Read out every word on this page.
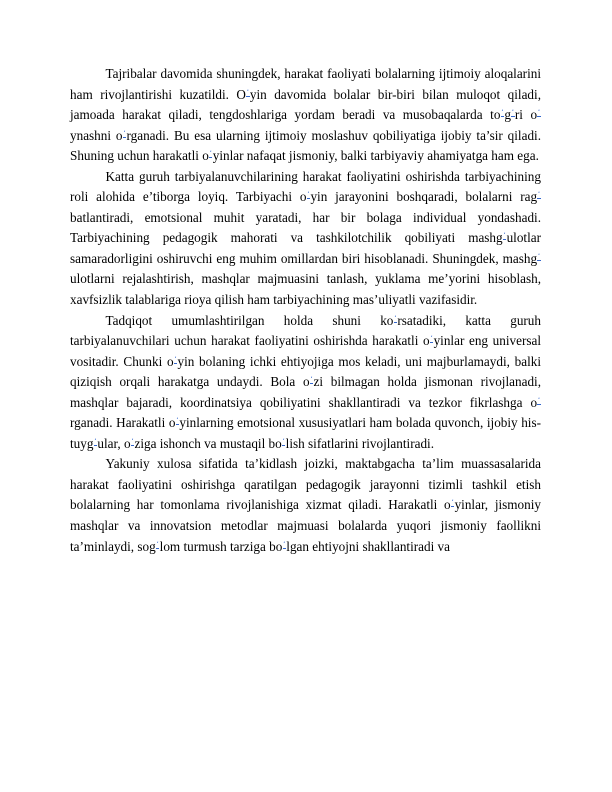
Tajribalar davomida shuningdek, harakat faoliyati bolalarning ijtimoiy aloqalarini ham rivojlantirishi kuzatildi. Oʻyin davomida bolalar bir-biri bilan muloqot qiladi, jamoada harakat qiladi, tengdoshlariga yordam beradi va musobaqalarda toʻgʻri oʻynashni oʻrganadi. Bu esa ularning ijtimoiy moslashuv qobiliyatiga ijobiy ta’sir qiladi. Shuning uchun harakatli oʻyinlar nafaqat jismoniy, balki tarbiyaviy ahamiyatga ham ega.

Katta guruh tarbiyalanuvchilarining harakat faoliyatini oshirishda tarbiyachining roli alohida e’tiborga loyiq. Tarbiyachi oʻyin jarayonini boshqaradi, bolalarni ragʻbatlantiradi, emotsional muhit yaratadi, har bir bolaga individual yondashadi. Tarbiyachining pedagogik mahorati va tashkilotchilik qobiliyati mashgʻulotlar samaradorligini oshiruvchi eng muhim omillardan biri hisoblanadi. Shuningdek, mashgʻulotlarni rejalashtirish, mashqlar majmuasini tanlash, yuklama me’yorini hisoblash, xavfsizlik talablariga rioya qilish ham tarbiyachining mas’uliyatli vazifasidir.

Tadqiqot umumlashtirilgan holda shuni koʻrsatadiki, katta guruh tarbiyalanuvchilari uchun harakat faoliyatini oshirishda harakatli oʻyinlar eng universal vositadir. Chunki oʻyin bolaning ichki ehtiyojiga mos keladi, uni majburlamaydi, balki qiziqish orqali harakatga undaydi. Bola oʻzi bilmagan holda jismonan rivojlanadi, mashqlar bajaradi, koordinatsiya qobiliyatini shakllantiradi va tezkor fikrlashga oʻrganadi. Harakatli oʻyinlarning emotsional xususiyatlari ham bolada quvonch, ijobiy his-tuygʻular, oʻziga ishonch va mustaqil boʻlish sifatlarini rivojlantiradi.

Yakuniy xulosa sifatida ta’kidlash joizki, maktabgacha ta’lim muassasalarida harakat faoliyatini oshirishga qaratilgan pedagogik jarayonni tizimli tashkil etish bolalarning har tomonlama rivojlanishiga xizmat qiladi. Harakatli oʻyinlar, jismoniy mashqlar va innovatsion metodlar majmuasi bolalarda yuqori jismoniy faollikni ta’minlaydi, sogʻlom turmush tarziga boʻlgan ehtiyojni shakllantiradi va
